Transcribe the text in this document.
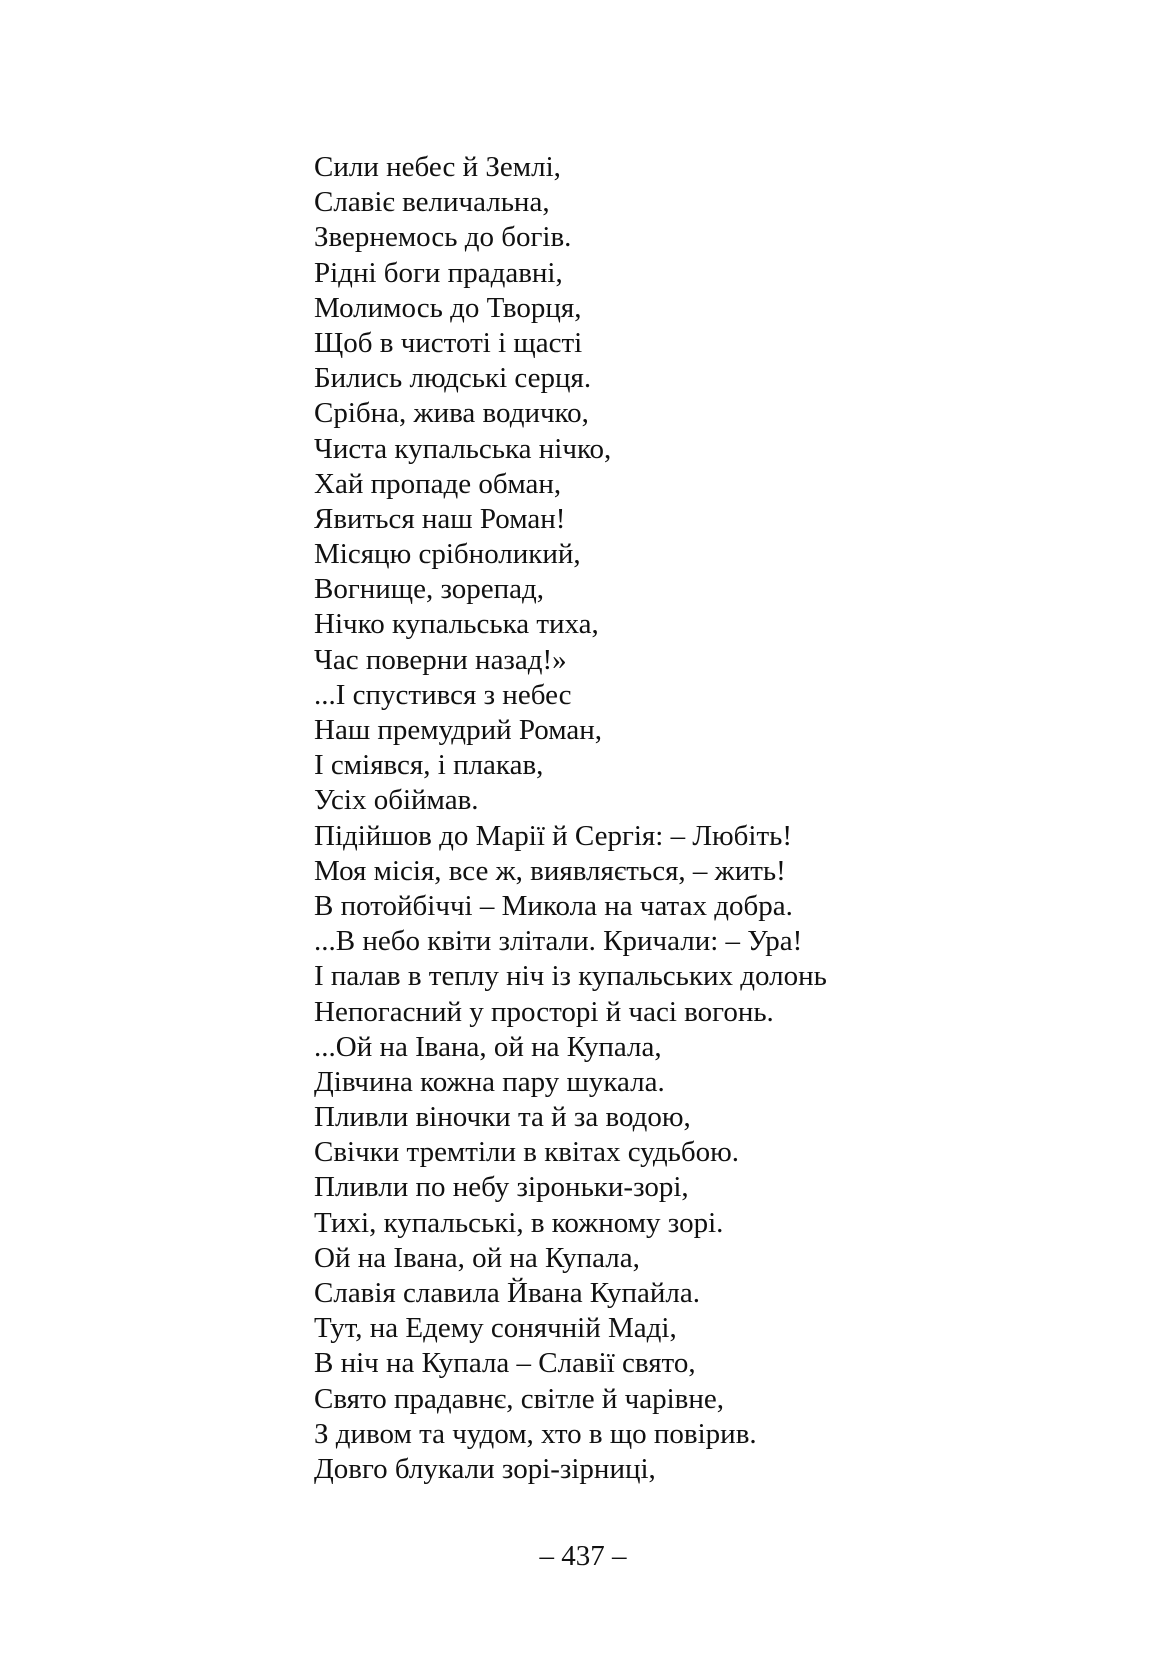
Сили небес й Землі,
Славіє величальна,
Звернемось до богів.
Рідні боги прадавні,
Молимось до Творця,
Щоб в чистоті і щасті
Бились людські серця.
Срібна, жива водичко,
Чиста купальська нічко,
Хай пропаде обман,
Явиться наш Роман!
Місяцю срібноликий,
Вогнище, зорепад,
Нічко купальська тиха,
Час поверни назад!»
...І спустився з небес
Наш премудрий Роман,
І сміявся, і плакав,
Усіх обіймав.
Підійшов до Марії й Сергія: – Любіть!
Моя місія, все ж, виявляється, – жить!
В потойбіччі – Микола на чатах добра.
...В небо квіти злітали. Кричали: – Ура!
І палав в теплу ніч із купальських долонь
Непогасний у просторі й часі вогонь.
...Ой на Івана, ой на Купала,
Дівчина кожна пару шукала.
Пливли віночки та й за водою,
Свічки тремтіли в квітах судьбою.
Пливли по небу зіроньки-зорі,
Тихі, купальські, в кожному зорі.
Ой на Івана, ой на Купала,
Славія славила Йвана Купайла.
Тут, на Едему сонячній Маді,
В ніч на Купала – Славії свято,
Свято прадавнє, світле й чарівне,
З дивом та чудом, хто в що повірив.
Довго блукали зорі-зірниці,
– 437 –
